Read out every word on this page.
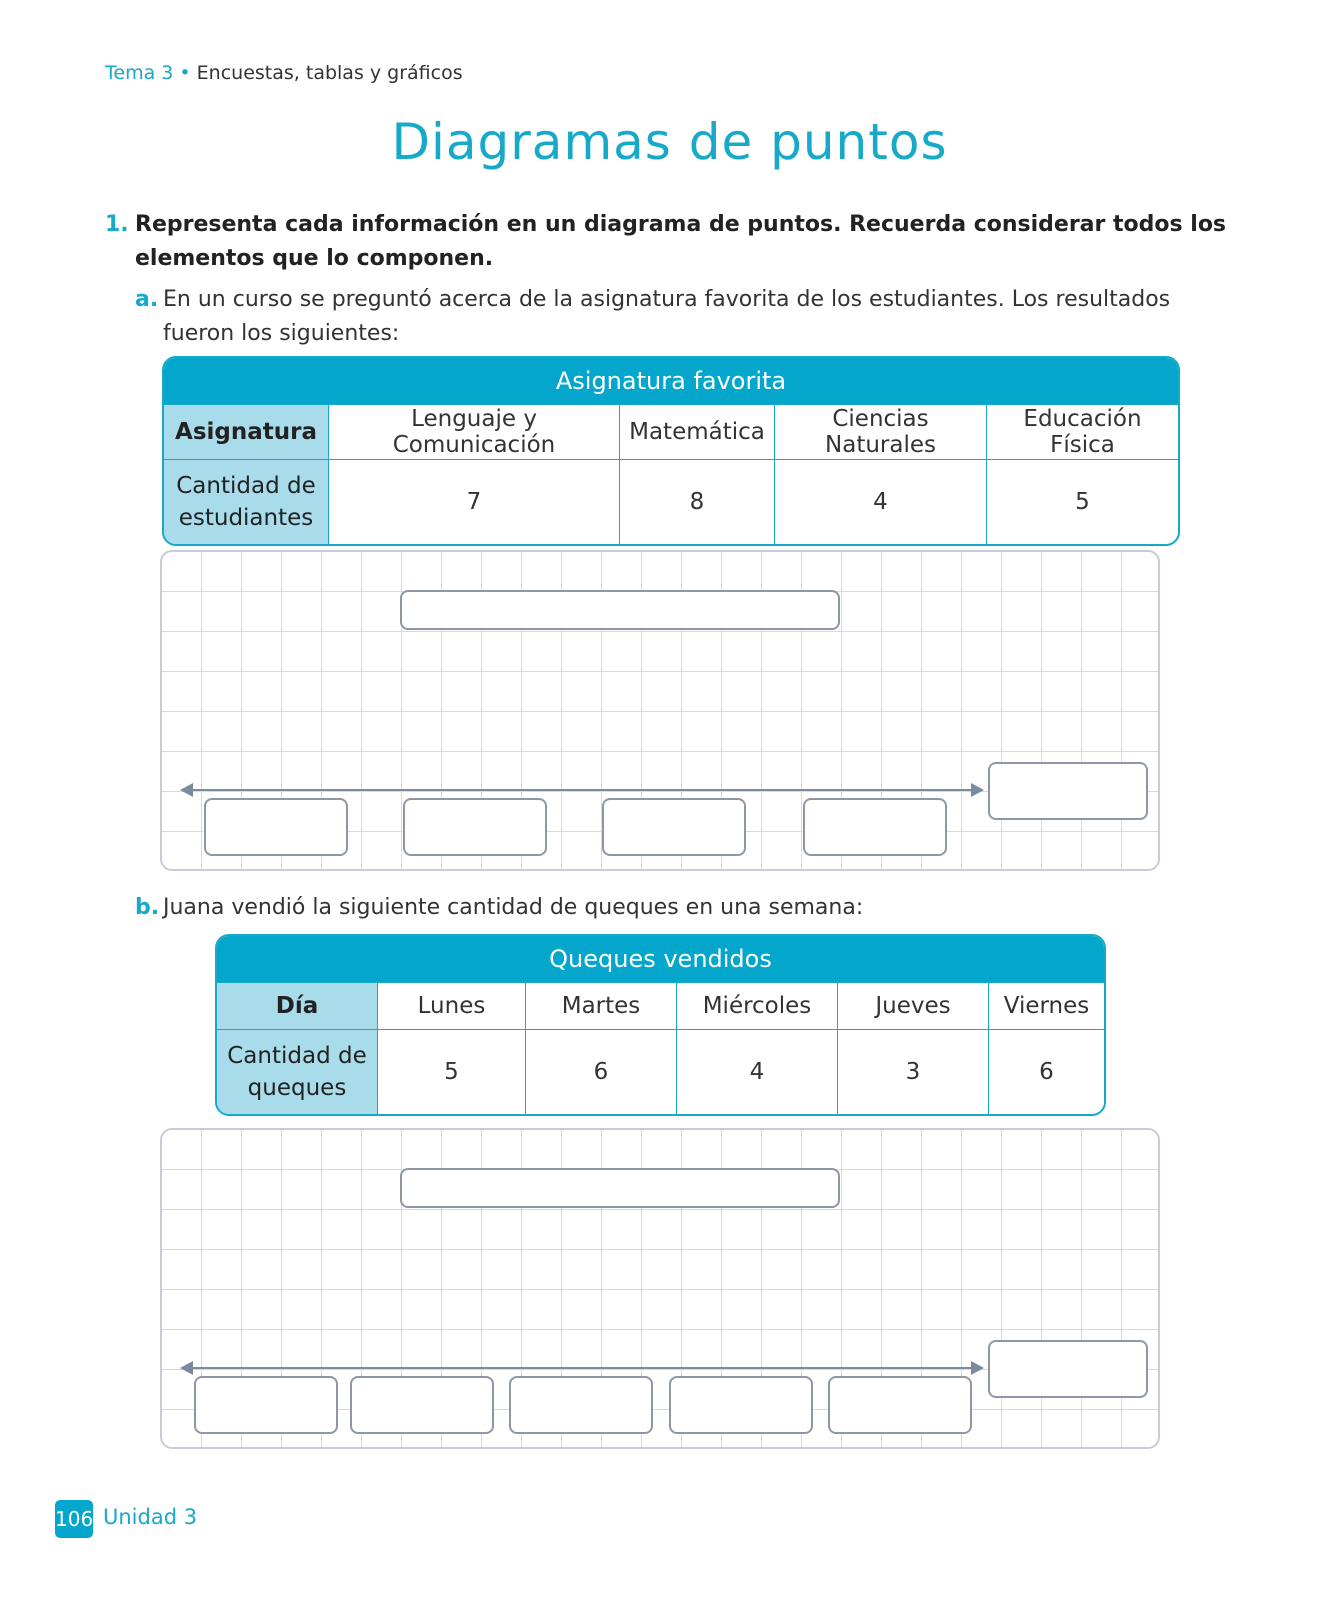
Tema 3 • Encuestas, tablas y gráficos
Diagramas de puntos
1. Representa cada información en un diagrama de puntos. Recuerda considerar todos los elementos que lo componen.
a. En un curso se preguntó acerca de la asignatura favorita de los estudiantes. Los resultados fueron los siguientes:
Asignatura favorita				
Asignatura	Lenguaje y Comunicación	Matemática	Ciencias Naturales	Educación Física
Cantidad de estudiantes	7	8	4	5
b. Juana vendió la siguiente cantidad de queques en una semana:
Queques vendidos					
Día	Lunes	Martes	Miércoles	Jueves	Viernes
Cantidad de queques	5	6	4	3	6
106 Unidad 3
